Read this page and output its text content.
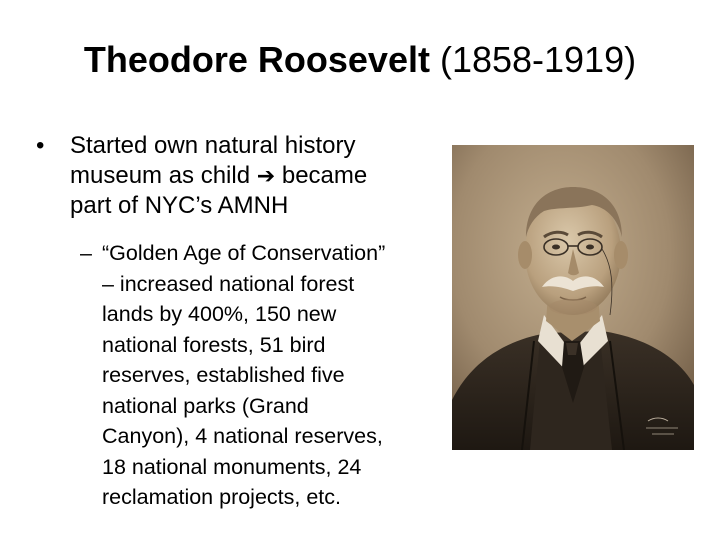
Theodore Roosevelt (1858-1919)
• Started own natural history
museum as child ➔ became
part of NYC’s AMNH
– “Golden Age of Conservation”
– increased national forest
lands by 400%, 150 new
national forests, 51 bird
reserves, established five
national parks (Grand
Canyon), 4 national reserves,
18 national monuments, 24
reclamation projects, etc.
